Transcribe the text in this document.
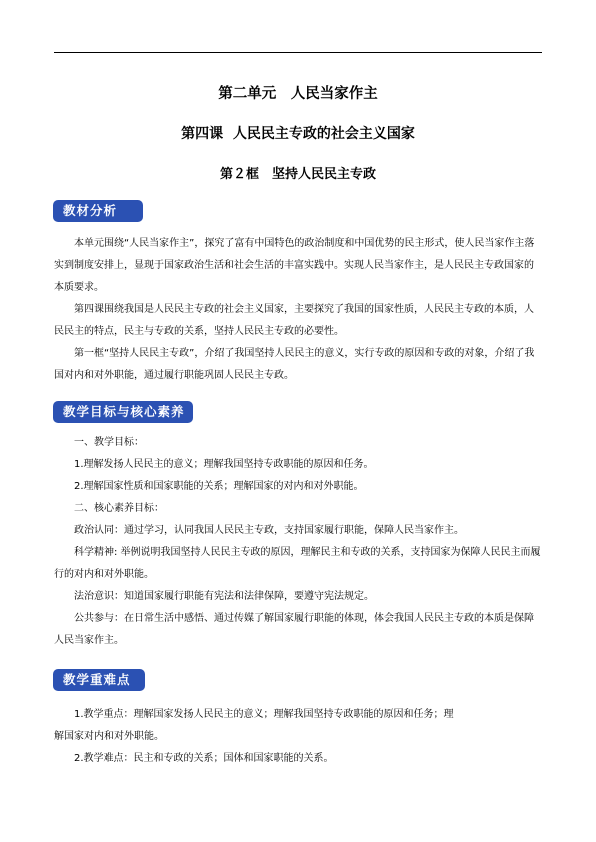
第二单元　人民当家作主
第四课  人民民主专政的社会主义国家
第２框　坚持人民民主专政
教材分析
本单元围绕“人民当家作主”，探究了富有中国特色的政治制度和中国优势的民主形式，使人民当家作主落实到制度安排上，显现于国家政治生活和社会生活的丰富实践中。实现人民当家作主，是人民民主专政国家的本质要求。
第四课围绕我国是人民民主专政的社会主义国家，主要探究了我国的国家性质，人民民主专政的本质，人民民主的特点，民主与专政的关系，坚持人民民主专政的必要性。
第一框“坚持人民民主专政”，介绍了我国坚持人民民主的意义，实行专政的原因和专政的对象，介绍了我国对内和对外职能，通过履行职能巩固人民民主专政。
教学目标与核心素养
一、教学目标：
1.理解发扬人民民主的意义；理解我国坚持专政职能的原因和任务。
2.理解国家性质和国家职能的关系；理解国家的对内和对外职能。
二、核心素养目标：
政治认同：通过学习，认同我国人民民主专政，支持国家履行职能，保障人民当家作主。
科学精神: 举例说明我国坚持人民民主专政的原因，理解民主和专政的关系，支持国家为保障人民民主而履行的对内和对外职能。
法治意识：知道国家履行职能有宪法和法律保障，要遵守宪法规定。
公共参与：在日常生活中感悟、通过传媒了解国家履行职能的体现，体会我国人民民主专政的本质是保障人民当家作主。
教学重难点
1.教学重点：理解国家发扬人民民主的意义；理解我国坚持专政职能的原因和任务；理
解国家对内和对外职能。
2.教学难点：民主和专政的关系；国体和国家职能的关系。
